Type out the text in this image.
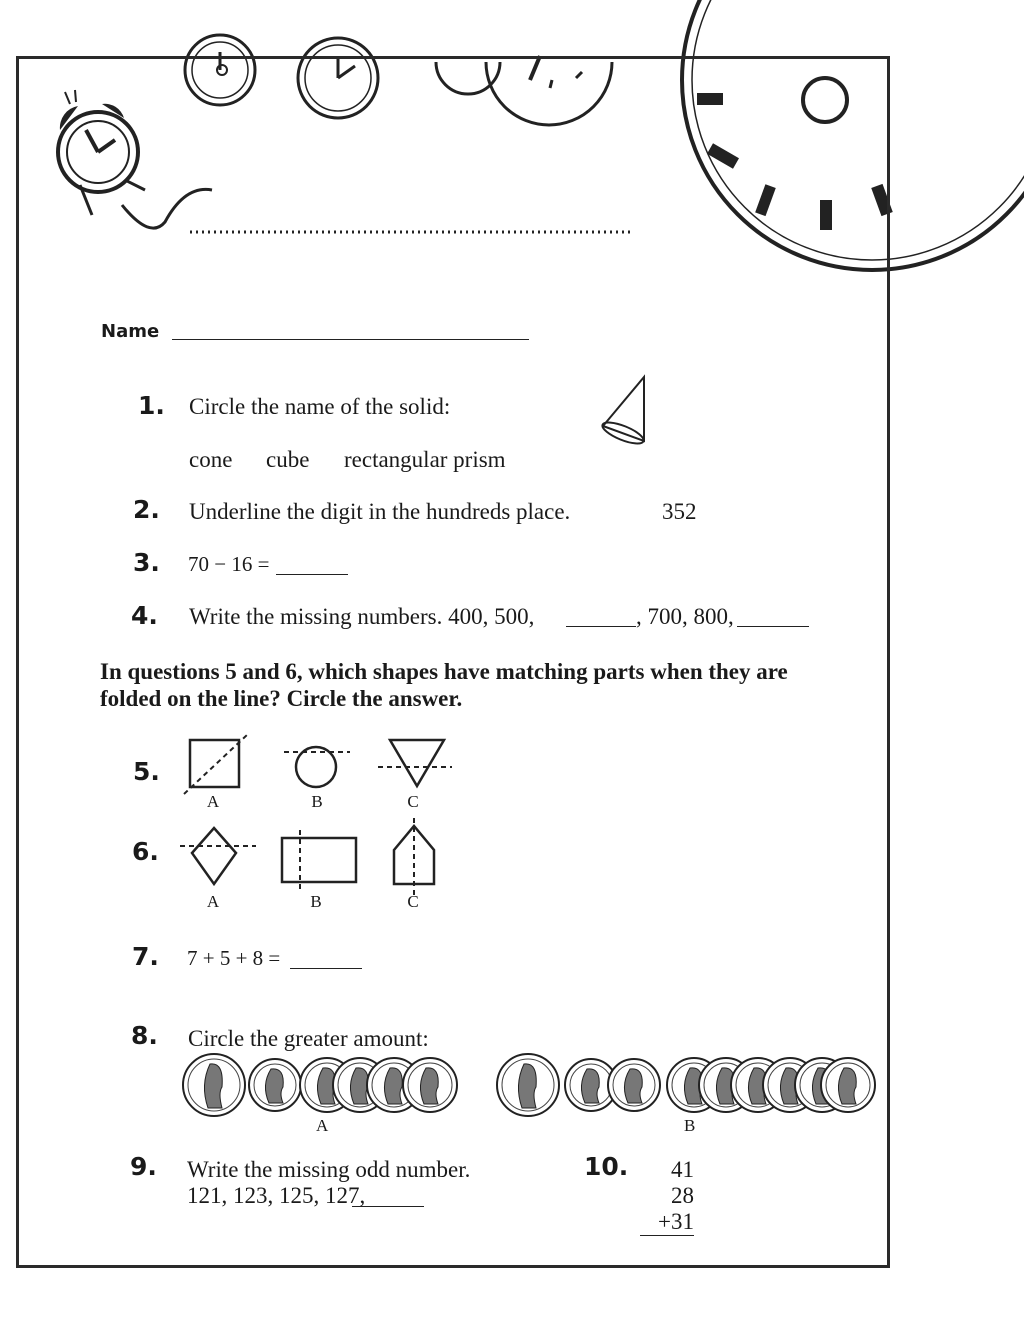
Name
1. Circle the name of the solid:
cone cube rectangular prism
2. Underline the digit in the hundreds place.	352
3. 70 − 16 =
4. Write the missing numbers. 400, 500,	, 700, 800,
In questions 5 and 6, which shapes have matching parts when they are
folded on the line? Circle the answer.
5.
A	B	C
6.
A	B	C
7. 7 + 5 + 8 =
8. Circle the greater amount:
A	B
9. Write the missing odd number.
121, 123, 125, 127,
10.	41
28
+31
